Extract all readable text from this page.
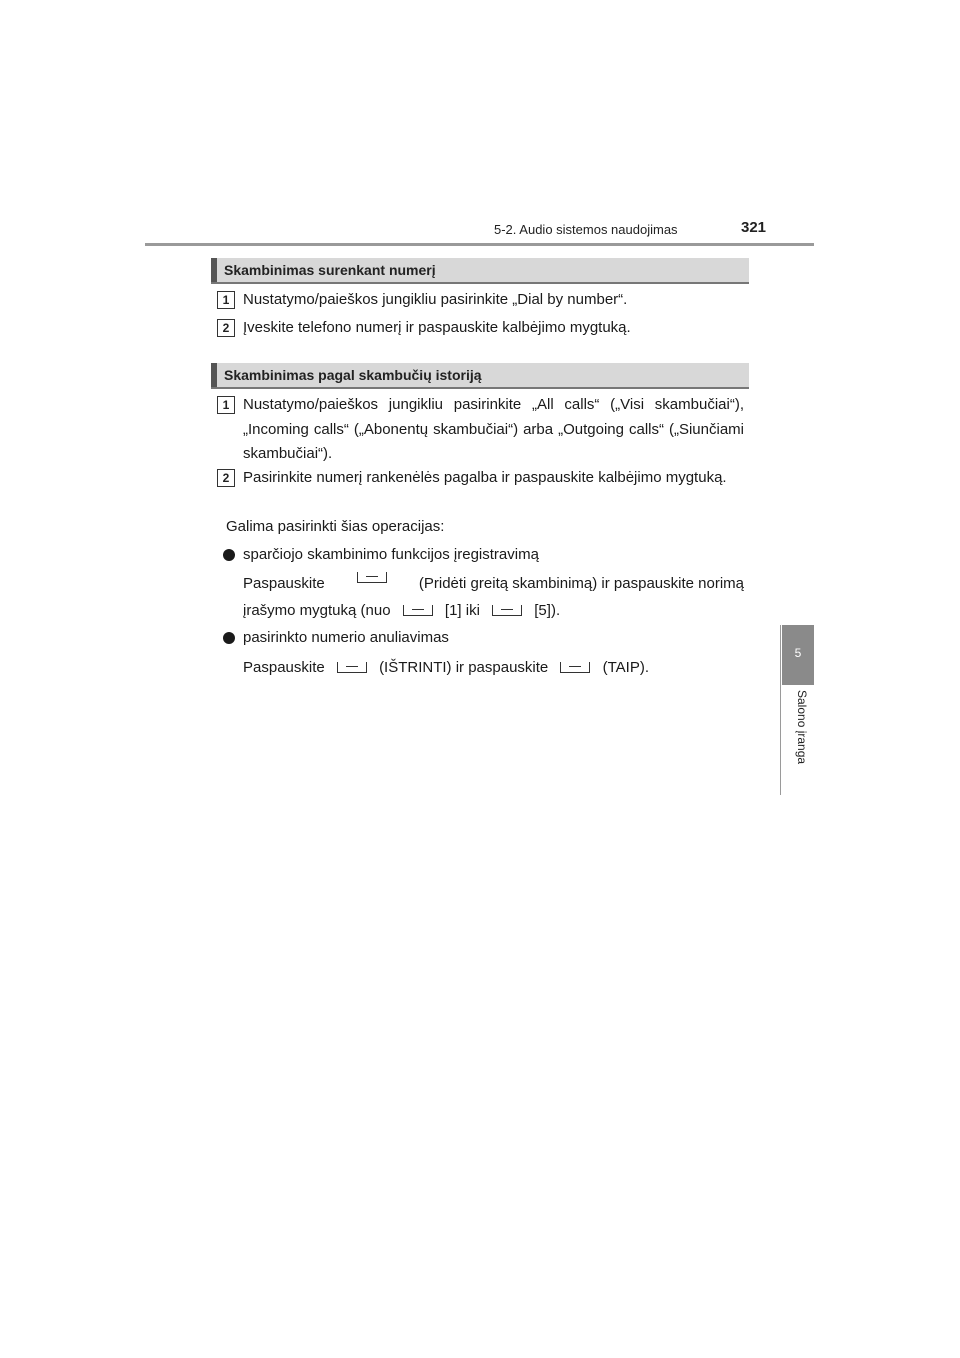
5-2. Audio sistemos naudojimas	321
5
Salono įranga
Skambinimas surenkant numerį
1 Nustatymo/paieškos jungikliu pasirinkite „Dial by number“.
2 Įveskite telefono numerį ir paspauskite kalbėjimo mygtuką.
Skambinimas pagal skambučių istoriją
1 Nustatymo/paieškos jungikliu pasirinkite „All calls“ („Visi skambučiai“), „Incoming calls“ („Abonentų skambučiai“) arba „Outgoing calls“ („Siunčiami skambučiai“).
2 Pasirinkite numerį rankenėlės pagalba ir paspauskite kalbėjimo mygtuką.
Galima pasirinkti šias operacijas:
sparčiojo skambinimo funkcijos įregistravimą
Paspauskite	(Pridėti greitą skambinimą) ir paspauskite norimą
įrašymo mygtuką (nuo	[1] iki	[5]).
pasirinkto numerio anuliavimas
Paspauskite	(IŠTRINTI) ir paspauskite	(TAIP).
